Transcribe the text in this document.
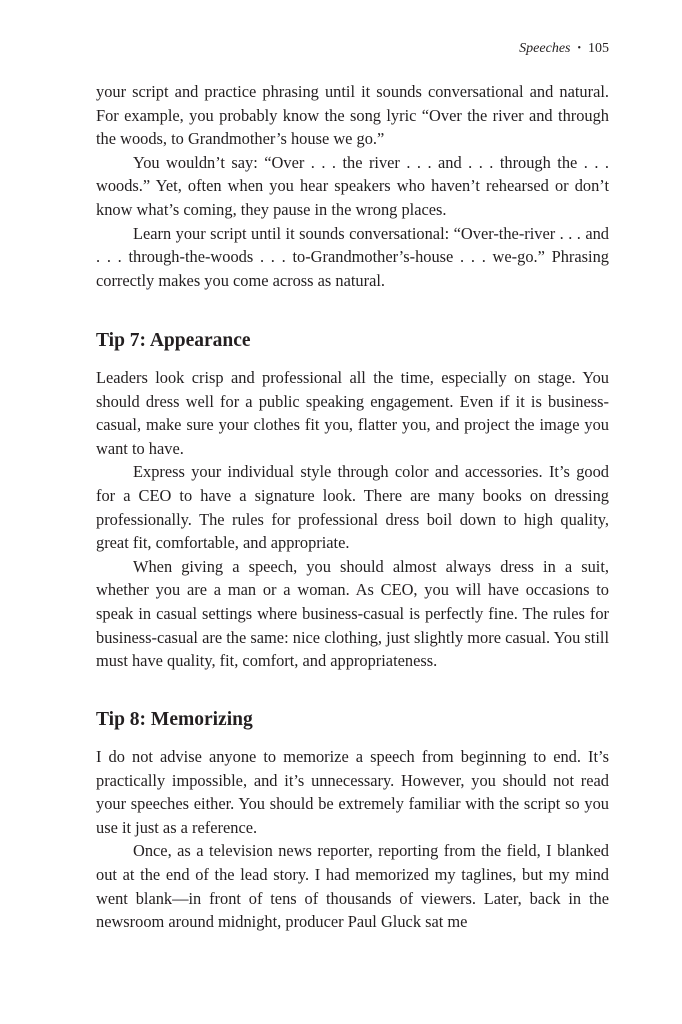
Speeches • 105

your script and practice phrasing until it sounds conversational and natural. For example, you probably know the song lyric “Over the river and through the woods, to Grandmother’s house we go.”

You wouldn’t say: “Over . . . the river . . . and . . . through the . . . woods.” Yet, often when you hear speakers who haven’t rehearsed or don’t know what’s coming, they pause in the wrong places.

Learn your script until it sounds conversational: “Over-the-river . . . and . . . through-the-woods . . . to-Grandmother’s-house . . . we-go.” Phrasing correctly makes you come across as natural.

Tip 7: Appearance

Leaders look crisp and professional all the time, especially on stage. You should dress well for a public speaking engagement. Even if it is business-casual, make sure your clothes fit you, flatter you, and project the image you want to have.

Express your individual style through color and accessories. It’s good for a CEO to have a signature look. There are many books on dressing professionally. The rules for professional dress boil down to high quality, great fit, comfortable, and appropriate.

When giving a speech, you should almost always dress in a suit, whether you are a man or a woman. As CEO, you will have occasions to speak in casual settings where business-casual is perfectly fine. The rules for business-casual are the same: nice clothing, just slightly more casual. You still must have quality, fit, comfort, and appropriateness.

Tip 8: Memorizing

I do not advise anyone to memorize a speech from beginning to end. It’s practically impossible, and it’s unnecessary. However, you should not read your speeches either. You should be extremely familiar with the script so you use it just as a reference.

Once, as a television news reporter, reporting from the field, I blanked out at the end of the lead story. I had memorized my taglines, but my mind went blank—in front of tens of thousands of viewers. Later, back in the newsroom around midnight, producer Paul Gluck sat me
